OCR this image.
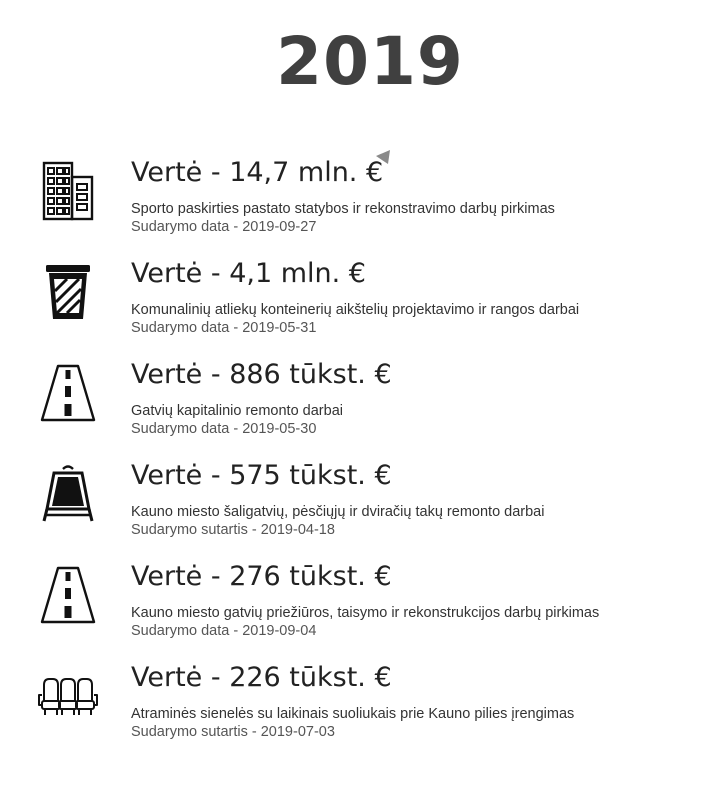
2019
Vertė - 14,7 mln. €
Sporto paskirties pastato statybos ir rekonstravimo darbų pirkimas
Sudarymo data - 2019-09-27
Vertė - 4,1 mln. €
Komunalinių atliekų konteinerių aikštelių projektavimo ir rangos darbai
Sudarymo data - 2019-05-31
Vertė - 886 tūkst. €
Gatvių kapitalinio remonto darbai
Sudarymo data - 2019-05-30
Vertė - 575 tūkst. €
Kauno miesto šaligatvių, pėsčiųjų ir dviračių takų remonto darbai
Sudarymo sutartis - 2019-04-18
Vertė - 276 tūkst. €
Kauno miesto gatvių priežiūros, taisymo ir rekonstrukcijos darbų pirkimas
Sudarymo data - 2019-09-04
Vertė - 226 tūkst. €
Atraminės sienelės su laikinais suoliukais prie Kauno pilies įrengimas
Sudarymo sutartis - 2019-07-03
